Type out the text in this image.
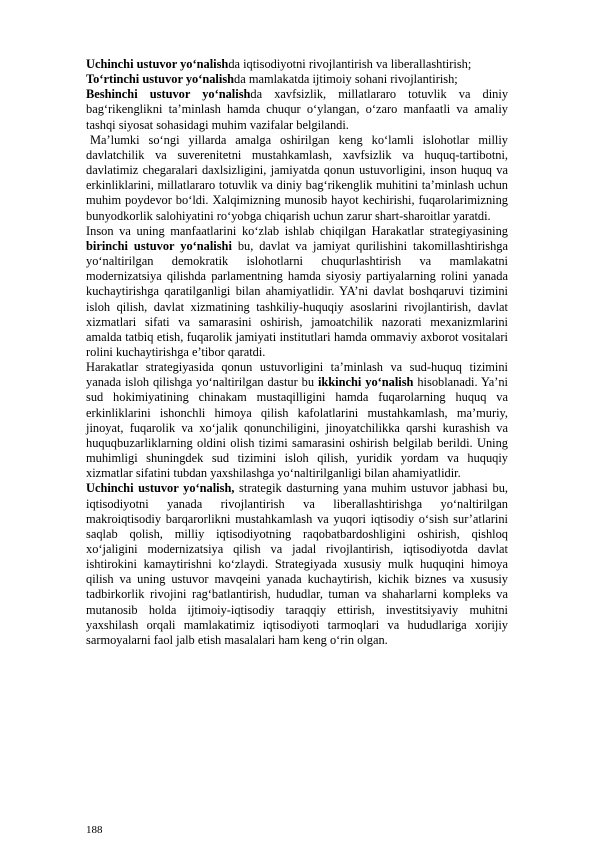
Uchinchi ustuvor yo‘nalishda iqtisodiyotni rivojlantirish va liberallashtirish;

To‘rtinchi ustuvor yo‘nalishda mamlakatda ijtimoiy sohani rivojlantirish;

Beshinchi ustuvor yo‘nalishda xavfsizlik, millatlararo totuvlik va diniy bag‘rikenglikni ta’minlash hamda chuqur o‘ylangan, o‘zaro manfaatli va amaliy tashqi siyosat sohasidagi muhim vazifalar belgilandi.

Ma’lumki so‘ngi yillarda amalga oshirilgan keng ko‘lamli islohotlar milliy davlatchilik va suverenitetni mustahkamlash, xavfsizlik va huquq-tartibotni, davlatimiz chegaralari daxlsizligini, jamiyatda qonun ustuvorligini, inson huquq va erkinliklarini, millatlararo totuvlik va diniy bag‘rikenglik muhitini ta’minlash uchun muhim poydevor bo‘ldi. Xalqimizning munosib hayot kechirishi, fuqarolarimizning bunyodkorlik salohiyatini ro‘yobga chiqarish uchun zarur shart-sharoitlar yaratdi.

Inson va uning manfaatlarini ko‘zlab ishlab chiqilgan Harakatlar strategiyasining birinchi ustuvor yo‘nalishi bu, davlat va jamiyat qurilishini takomillashtirishga yo‘naltirilgan demokratik islohotlarni chuqurlashtirish va mamlakatni modernizatsiya qilishda parlamentning hamda siyosiy partiyalarning rolini yanada kuchaytirishga qaratilganligi bilan ahamiyatlidir. YA’ni davlat boshqaruvi tizimini isloh qilish, davlat xizmatining tashkiliy-huquqiy asoslarini rivojlantirish, davlat xizmatlari sifati va samarasini oshirish, jamoatchilik nazorati mexanizmlarini amalda tatbiq etish, fuqarolik jamiyati institutlari hamda ommaviy axborot vositalari rolini kuchaytirishga e’tibor qaratdi.

Harakatlar strategiyasida qonun ustuvorligini ta’minlash va sud-huquq tizimini yanada isloh qilishga yo‘naltirilgan dastur bu ikkinchi yo‘nalish hisoblanadi. Ya’ni sud hokimiyatining chinakam mustaqilligini hamda fuqarolarning huquq va erkinliklarini ishonchli himoya qilish kafolatlarini mustahkamlash, ma’muriy, jinoyat, fuqarolik va xo‘jalik qonunchiligini, jinoyatchilikka qarshi kurashish va huquqbuzarliklarning oldini olish tizimi samarasini oshirish belgilab berildi. Uning muhimligi shuningdek sud tizimini isloh qilish, yuridik yordam va huquqiy xizmatlar sifatini tubdan yaxshilashga yo‘naltirilganligi bilan ahamiyatlidir.

Uchinchi ustuvor yo‘nalish, strategik dasturning yana muhim ustuvor jabhasi bu, iqtisodiyotni yanada rivojlantirish va liberallashtirishga yo‘naltirilgan makroiqtisodiy barqarorlikni mustahkamlash va yuqori iqtisodiy o‘sish sur’atlarini saqlab qolish, milliy iqtisodiyotning raqobatbardoshligini oshirish, qishloq xo‘jaligini modernizatsiya qilish va jadal rivojlantirish, iqtisodiyotda davlat ishtirokini kamaytirishni ko‘zlaydi. Strategiyada xususiy mulk huquqini himoya qilish va uning ustuvor mavqeini yanada kuchaytirish, kichik biznes va xususiy tadbirkorlik rivojini rag‘batlantirish, hududlar, tuman va shaharlarni kompleks va mutanosib holda ijtimoiy-iqtisodiy taraqqiy ettirish, investitsiyaviy muhitni yaxshilash orqali mamlakatimiz iqtisodiyoti tarmoqlari va hududlariga xorijiy sarmoyalarni faol jalb etish masalalari ham keng o‘rin olgan.

188
